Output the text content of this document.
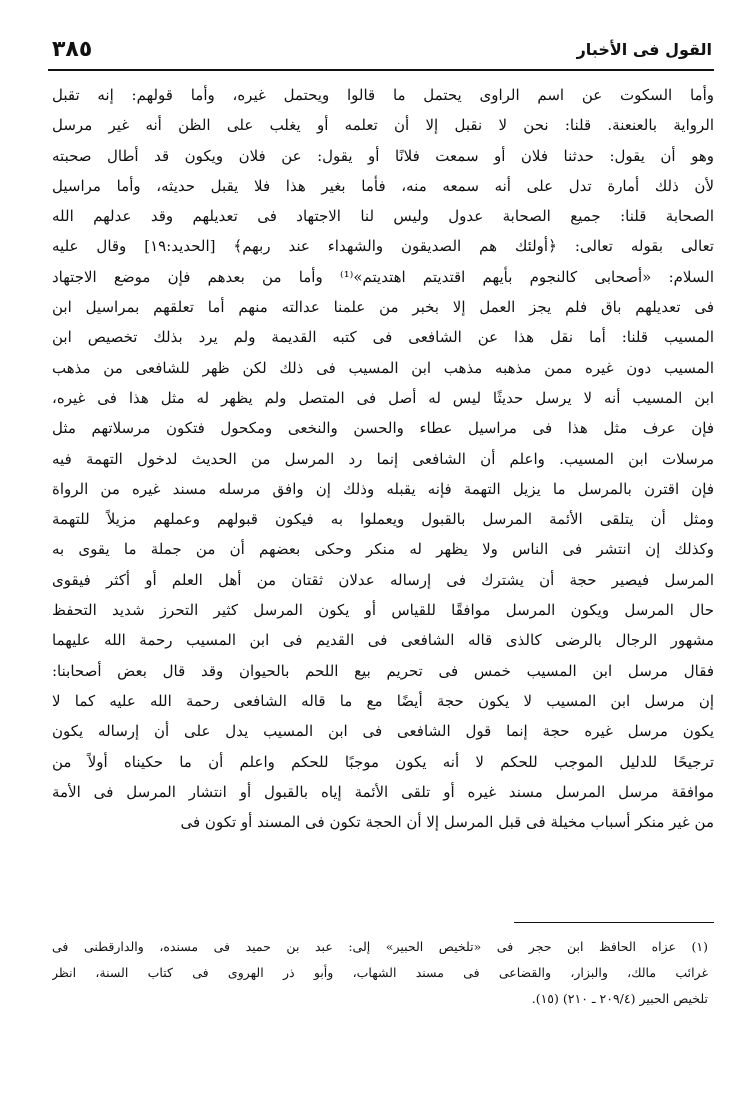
القول فى الأخبار
٣٨٥
وأما السكوت عن اسم الراوى يحتمل ما قالوا ويحتمل غيره، وأما قولهم: إنه تقبل
الرواية بالعنعنة. قلنا: نحن لا نقبل إلا أن تعلمه أو يغلب على الظن أنه غير مرسل
وهو أن يقول: حدثنا فلان أو سمعت فلانًا أو يقول: عن فلان ويكون قد أطال صحبته
لأن ذلك أمارة تدل على أنه سمعه منه، فأما بغير هذا فلا يقبل حديثه، وأما مراسيل
الصحابة قلنا: جميع الصحابة عدول وليس لنا الاجتهاد فى تعديلهم وقد عدلهم الله
تعالى بقوله تعالى: ﴿أولئك هم الصديقون والشهداء عند ربهم﴾ [الحديد:١٩] وقال عليه
السلام: «أصحابى كالنجوم بأيهم اقتديتم اهتديتم»⁽¹⁾ وأما من بعدهم فإن موضع الاجتهاد
فى تعديلهم باق فلم يجز العمل إلا بخبر من علمنا عدالته منهم أما تعلقهم بمراسيل ابن
المسيب قلنا: أما نقل هذا عن الشافعى فى كتبه القديمة ولم يرد بذلك تخصيص ابن
المسيب دون غيره ممن مذهبه مذهب ابن المسيب فى ذلك لكن ظهر للشافعى من مذهب
ابن المسيب أنه لا يرسل حديثًا ليس له أصل فى المتصل ولم يظهر له مثل هذا فى غيره،
فإن عرف مثل هذا فى مراسيل عطاء والحسن والنخعى ومكحول فتكون مرسلاتهم مثل
مرسلات ابن المسيب. واعلم أن الشافعى إنما رد المرسل من الحديث لدخول التهمة فيه
فإن اقترن بالمرسل ما يزيل التهمة فإنه يقبله وذلك إن وافق مرسله مسند غيره من الرواة
ومثل أن يتلقى الأئمة المرسل بالقبول ويعملوا به فيكون قبولهم وعملهم مزيلاً للتهمة
وكذلك إن انتشر فى الناس ولا يظهر له منكر وحكى بعضهم أن من جملة ما يقوى به
المرسل فيصير حجة أن يشترك فى إرساله عدلان ثقتان من أهل العلم أو أكثر فيقوى
حال المرسل ويكون المرسل موافقًا للقياس أو يكون المرسل كثير التحرز شديد التحفظ
مشهور الرجال بالرضى كالذى قاله الشافعى فى القديم فى ابن المسيب رحمة الله عليهما
فقال مرسل ابن المسيب خمس فى تحريم بيع اللحم بالحيوان وقد قال بعض أصحابنا:
إن مرسل ابن المسيب لا يكون حجة أيضًا مع ما قاله الشافعى رحمة الله عليه كما لا
يكون مرسل غيره حجة إنما قول الشافعى فى ابن المسيب يدل على أن إرساله يكون
ترجيحًا للدليل الموجب للحكم لا أنه يكون موجبًا للحكم واعلم أن ما حكيناه أولاً من
موافقة مرسل المرسل مسند غيره أو تلقى الأئمة إياه بالقبول أو انتشار المرسل فى الأمة
من غير منكر أسباب مخيلة فى قبل المرسل إلا أن الحجة تكون فى المسند أو تكون فى
(١) عزاه الحافظ ابن حجر فى «تلخيص الحبير» إلى: عبد بن حميد فى مسنده، والدارقطنى فى
غرائب مالك، والبزار، والقضاعى فى مسند الشهاب، وأبو ذر الهروى فى كتاب السنة، انظر
تلخيص الحبير (٢٠٩/٤ ـ ٢١٠) (١٥).
